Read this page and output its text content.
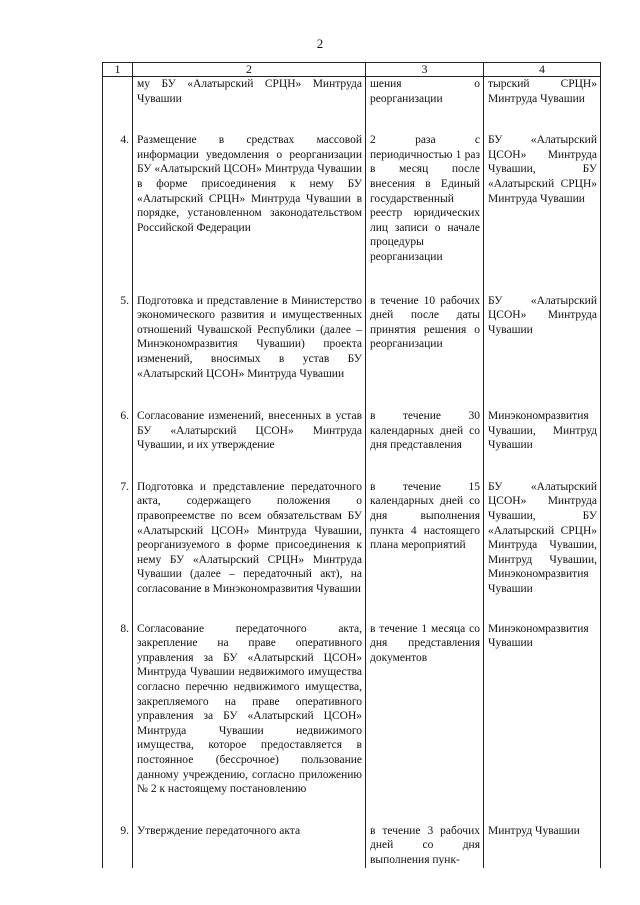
2
1	2	3	4
	му БУ «Алатырский СРЦН» Минтруда Чувашии	шения о реорганизации	тырский СРЦН» Минтруда Чувашии
4.	Размещение в средствах массовой информации уведомления о реорганизации БУ «Алатырский ЦСОН» Минтруда Чувашии в форме присоединения к нему БУ «Алатырский СРЦН» Минтруда Чувашии в порядке, установленном законодательством Российской Федерации	2 раза с периодичностью 1 раз в месяц после внесения в Единый государственный реестр юридических лиц записи о начале процедуры реорганизации	БУ «Алатырский ЦСОН» Минтруда Чувашии, БУ «Алатырский СРЦН» Минтруда Чувашии
5.	Подготовка и представление в Министерство экономического развития и имущественных отношений Чувашской Республики (далее – Минэкономразвития Чувашии) проекта изменений, вносимых в устав БУ «Алатырский ЦСОН» Минтруда Чувашии	в течение 10 рабочих дней после даты принятия решения о реорганизации	БУ «Алатырский ЦСОН» Минтруда Чувашии
6.	Согласование изменений, внесенных в устав БУ «Алатырский ЦСОН» Минтруда Чувашии, и их утверждение	в течение 30 календарных дней со дня представления	Минэкономразвития Чувашии, Минтруд Чувашии
7.	Подготовка и представление передаточного акта, содержащего положения о правопреемстве по всем обязательствам БУ «Алатырский ЦСОН» Минтруда Чувашии, реорганизуемого в форме присоединения к нему БУ «Алатырский СРЦН» Минтруда Чувашии (далее – передаточный акт), на согласование в Минэкономразвития Чувашии	в течение 15 календарных дней со дня выполнения пункта 4 настоящего плана мероприятий	БУ «Алатырский ЦСОН» Минтруда Чувашии, БУ «Алатырский СРЦН» Минтруда Чувашии, Минтруд Чувашии, Минэкономразвития Чувашии
8.	Согласование передаточного акта, закрепление на праве оперативного управления за БУ «Алатырский ЦСОН» Минтруда Чувашии недвижимого имущества согласно перечню недвижимого имущества, закрепляемого на праве оперативного управления за БУ «Алатырский ЦСОН» Минтруда Чувашии недвижимого имущества, которое предоставляется в постоянное (бессрочное) пользование данному учреждению, согласно приложению № 2 к настоящему постановлению	в течение 1 месяца со дня представления документов	Минэкономразвития Чувашии
9.	Утверждение передаточного акта	в течение 3 рабочих дней со дня выполнения пунк-	Минтруд Чувашии
